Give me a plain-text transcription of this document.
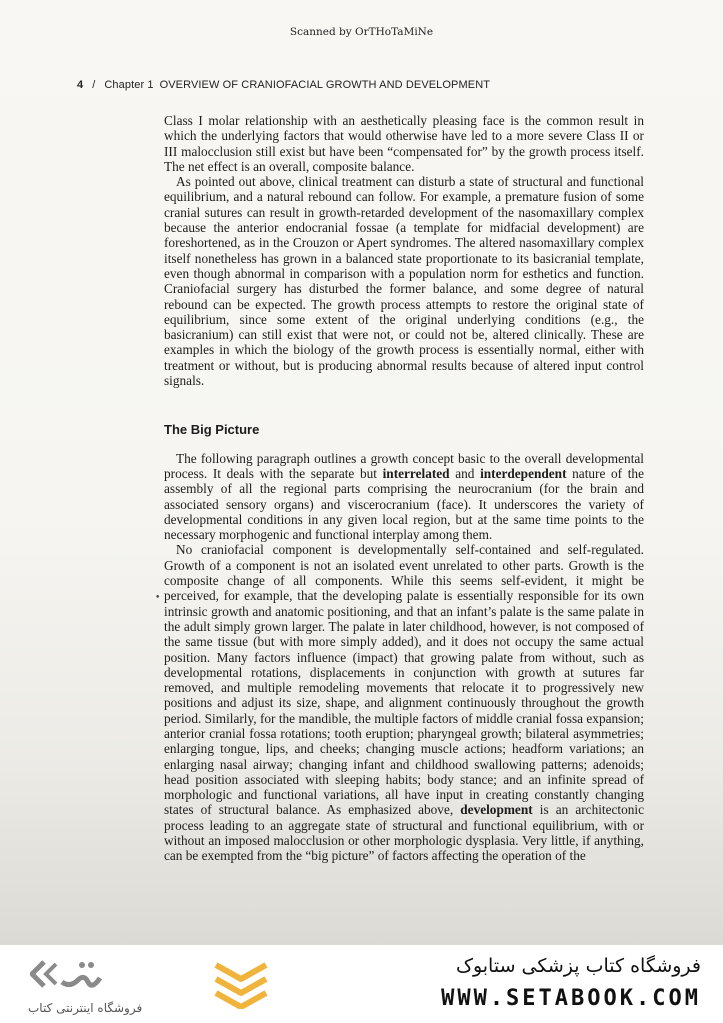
Scanned by OrTHoTaMiNe
4 / Chapter 1 OVERVIEW OF CRANIOFACIAL GROWTH AND DEVELOPMENT
•

Class I molar relationship with an aesthetically pleasing face is the common result in which the underlying factors that would otherwise have led to a more severe Class II or III malocclusion still exist but have been “compensated for” by the growth process itself. The net effect is an overall, composite balance.

As pointed out above, clinical treatment can disturb a state of structural and functional equilibrium, and a natural rebound can follow. For example, a premature fusion of some cranial sutures can result in growth-retarded development of the nasomaxillary complex because the anterior endocranial fossae (a template for midfacial development) are foreshortened, as in the Crouzon or Apert syndromes. The altered nasomaxillary complex itself nonetheless has grown in a balanced state proportionate to its basicranial template, even though abnormal in comparison with a population norm for esthetics and function. Craniofacial surgery has disturbed the former balance, and some degree of natural rebound can be expected. The growth process attempts to restore the original state of equilibrium, since some extent of the original underlying conditions (e.g., the basicranium) can still exist that were not, or could not be, altered clinically. These are examples in which the biology of the growth process is essentially normal, either with treatment or without, but is producing abnormal results because of altered input control signals.

The Big Picture

The following paragraph outlines a growth concept basic to the overall developmental process. It deals with the separate but interrelated and interdependent nature of the assembly of all the regional parts comprising the neurocranium (for the brain and associated sensory organs) and viscerocranium (face). It underscores the variety of developmental conditions in any given local region, but at the same time points to the necessary morphogenic and functional interplay among them.

No craniofacial component is developmentally self-contained and self-regulated. Growth of a component is not an isolated event unrelated to other parts. Growth is the composite change of all components. While this seems self-evident, it might be perceived, for example, that the developing palate is essentially responsible for its own intrinsic growth and anatomic positioning, and that an infant’s palate is the same palate in the adult simply grown larger. The palate in later childhood, however, is not composed of the same tissue (but with more simply added), and it does not occupy the same actual position. Many factors influence (impact) that growing palate from without, such as developmental rotations, displacements in conjunction with growth at sutures far removed, and multiple remodeling movements that relocate it to progressively new positions and adjust its size, shape, and alignment continuously throughout the growth period. Similarly, for the mandible, the multiple factors of middle cranial fossa expansion; anterior cranial fossa rotations; tooth eruption; pharyngeal growth; bilateral asymmetries; enlarging tongue, lips, and cheeks; changing muscle actions; headform variations; an enlarging nasal airway; changing infant and childhood swallowing patterns; adenoids; head position associated with sleeping habits; body stance; and an infinite spread of morphologic and functional variations, all have input in creating constantly changing states of structural balance. As emphasized above, development is an architectonic process leading to an aggregate state of structural and functional equilibrium, with or without an imposed malocclusion or other morphologic dysplasia. Very little, if anything, can be exempted from the “big picture” of factors affecting the operation of the

فروشگاه اینترنتی کتاب
فروشگاه کتاب پزشکی ستابوک
WWW.SETABOOK.COM
